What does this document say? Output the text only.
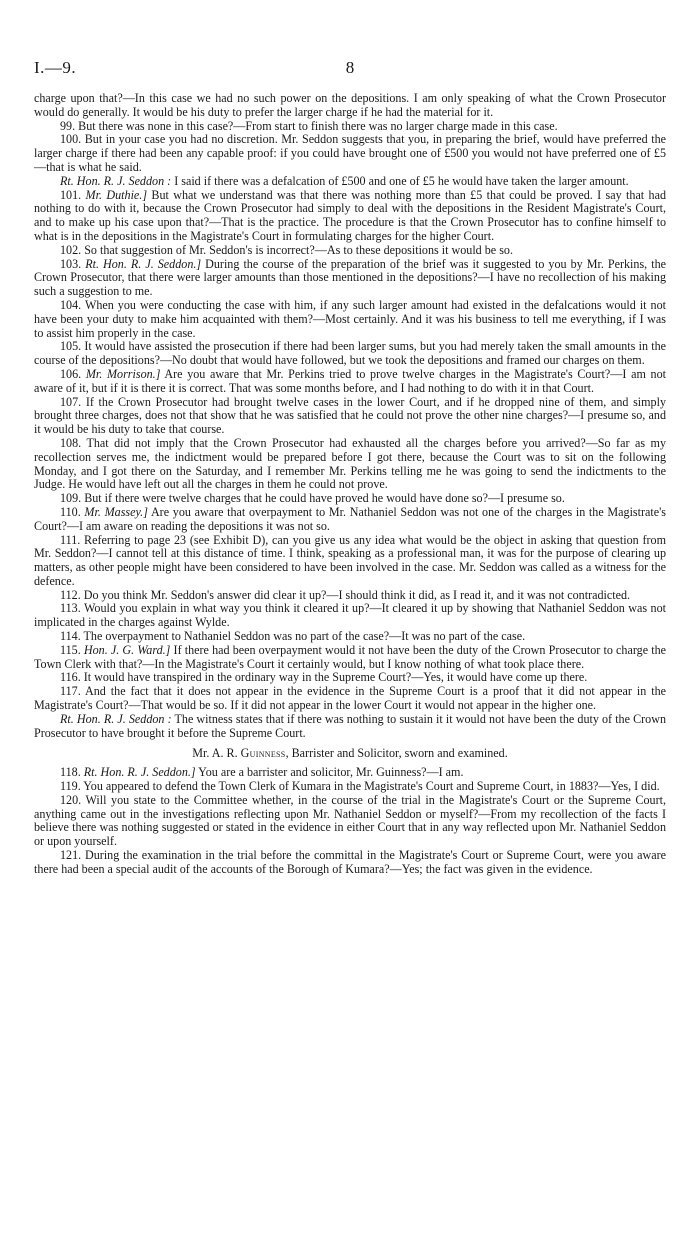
I.—9.	8

charge upon that?—In this case we had no such power on the depositions. I am only speaking of what the Crown Prosecutor would do generally. It would be his duty to prefer the larger charge if he had the material for it.

99. But there was none in this case?—From start to finish there was no larger charge made in this case.

100. But in your case you had no discretion. Mr. Seddon suggests that you, in preparing the brief, would have preferred the larger charge if there had been any capable proof: if you could have brought one of £500 you would not have preferred one of £5—that is what he said.

Rt. Hon. R. J. Seddon : I said if there was a defalcation of £500 and one of £5 he would have taken the larger amount.

101. Mr. Duthie.] But what we understand was that there was nothing more than £5 that could be proved. I say that had nothing to do with it, because the Crown Prosecutor had simply to deal with the depositions in the Resident Magistrate's Court, and to make up his case upon that?—That is the practice. The procedure is that the Crown Prosecutor has to confine himself to what is in the depositions in the Magistrate's Court in formulating charges for the higher Court.

102. So that suggestion of Mr. Seddon's is incorrect?—As to these depositions it would be so.

103. Rt. Hon. R. J. Seddon.] During the course of the preparation of the brief was it suggested to you by Mr. Perkins, the Crown Prosecutor, that there were larger amounts than those mentioned in the depositions?—I have no recollection of his making such a suggestion to me.

104. When you were conducting the case with him, if any such larger amount had existed in the defalcations would it not have been your duty to make him acquainted with them?—Most certainly. And it was his business to tell me everything, if I was to assist him properly in the case.

105. It would have assisted the prosecution if there had been larger sums, but you had merely taken the small amounts in the course of the depositions?—No doubt that would have followed, but we took the depositions and framed our charges on them.

106. Mr. Morrison.] Are you aware that Mr. Perkins tried to prove twelve charges in the Magistrate's Court?—I am not aware of it, but if it is there it is correct. That was some months before, and I had nothing to do with it in that Court.

107. If the Crown Prosecutor had brought twelve cases in the lower Court, and if he dropped nine of them, and simply brought three charges, does not that show that he was satisfied that he could not prove the other nine charges?—I presume so, and it would be his duty to take that course.

108. That did not imply that the Crown Prosecutor had exhausted all the charges before you arrived?—So far as my recollection serves me, the indictment would be prepared before I got there, because the Court was to sit on the following Monday, and I got there on the Saturday, and I remember Mr. Perkins telling me he was going to send the indictments to the Judge. He would have left out all the charges in them he could not prove.

109. But if there were twelve charges that he could have proved he would have done so?—I presume so.

110. Mr. Massey.] Are you aware that overpayment to Mr. Nathaniel Seddon was not one of the charges in the Magistrate's Court?—I am aware on reading the depositions it was not so.

111. Referring to page 23 (see Exhibit D), can you give us any idea what would be the object in asking that question from Mr. Seddon?—I cannot tell at this distance of time. I think, speaking as a professional man, it was for the purpose of clearing up matters, as other people might have been considered to have been involved in the case. Mr. Seddon was called as a witness for the defence.

112. Do you think Mr. Seddon's answer did clear it up?—I should think it did, as I read it, and it was not contradicted.

113. Would you explain in what way you think it cleared it up?—It cleared it up by showing that Nathaniel Seddon was not implicated in the charges against Wylde.

114. The overpayment to Nathaniel Seddon was no part of the case?—It was no part of the case.

115. Hon. J. G. Ward.] If there had been overpayment would it not have been the duty of the Crown Prosecutor to charge the Town Clerk with that?—In the Magistrate's Court it certainly would, but I know nothing of what took place there.

116. It would have transpired in the ordinary way in the Supreme Court?—Yes, it would have come up there.

117. And the fact that it does not appear in the evidence in the Supreme Court is a proof that it did not appear in the Magistrate's Court?—That would be so. If it did not appear in the lower Court it would not appear in the higher one.

Rt. Hon. R. J. Seddon : The witness states that if there was nothing to sustain it it would not have been the duty of the Crown Prosecutor to have brought it before the Supreme Court.

Mr. A. R. Guinness, Barrister and Solicitor, sworn and examined.

118. Rt. Hon. R. J. Seddon.] You are a barrister and solicitor, Mr. Guinness?—I am.

119. You appeared to defend the Town Clerk of Kumara in the Magistrate's Court and Supreme Court, in 1883?—Yes, I did.

120. Will you state to the Committee whether, in the course of the trial in the Magistrate's Court or the Supreme Court, anything came out in the investigations reflecting upon Mr. Nathaniel Seddon or myself?—From my recollection of the facts I believe there was nothing suggested or stated in the evidence in either Court that in any way reflected upon Mr. Nathaniel Seddon or upon yourself.

121. During the examination in the trial before the committal in the Magistrate's Court or Supreme Court, were you aware there had been a special audit of the accounts of the Borough of Kumara?—Yes; the fact was given in the evidence.
